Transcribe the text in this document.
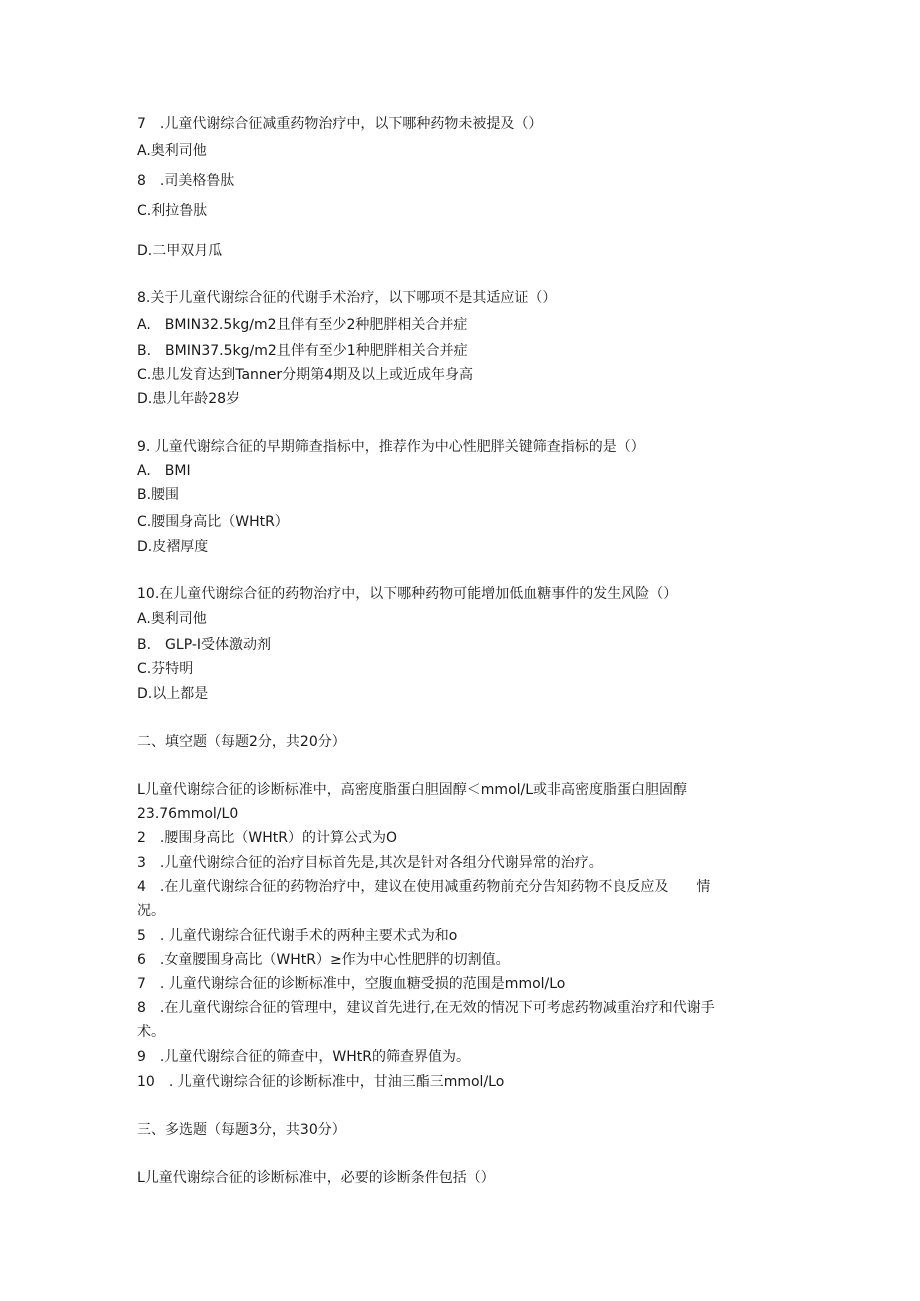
7　.儿童代谢综合征减重药物治疗中，以下哪种药物未被提及（）
A.奥利司他
8　.司美格鲁肽
C.利拉鲁肽
D.二甲双月瓜
8.关于儿童代谢综合征的代谢手术治疗，以下哪项不是其适应证（）
A.　BMIN32.5kg∕m2且伴有至少2种肥胖相关合并症
B.　BMIN37.5kg∕m2且伴有至少1种肥胖相关合并症
C.患儿发育达到Tanner分期第4期及以上或近成年身高
D.患儿年龄28岁
9. 儿童代谢综合征的早期筛查指标中，推荐作为中心性肥胖关键筛查指标的是（）
A.　BMI
B.腰围
C.腰围身高比（WHtR）
D.皮褶厚度
10.在儿童代谢综合征的药物治疗中，以下哪种药物可能增加低血糖事件的发生风险（）
A.奥利司他
B.　GLP-I受体激动剂
C.芬特明
D.以上都是
二、填空题（每题2分，共20分）
L儿童代谢综合征的诊断标准中，高密度脂蛋白胆固醇＜mmol/L或非高密度脂蛋白胆固醇
23.76mmol∕L0
2　.腰围身高比（WHtR）的计算公式为O
3　.儿童代谢综合征的治疗目标首先是,其次是针对各组分代谢异常的治疗。
4　.在儿童代谢综合征的药物治疗中，建议在使用减重药物前充分告知药物不良反应及　　情
况。
5　. 儿童代谢综合征代谢手术的两种主要术式为和o
6　.女童腰围身高比（WHtR）≥作为中心性肥胖的切割值。
7　. 儿童代谢综合征的诊断标准中，空腹血糖受损的范围是mmol/Lo
8　.在儿童代谢综合征的管理中，建议首先进行,在无效的情况下可考虑药物减重治疗和代谢手
术。
9　.儿童代谢综合征的筛查中，WHtR的筛查界值为。
10　. 儿童代谢综合征的诊断标准中，甘油三酯三mmol/Lo
三、多选题（每题3分，共30分）
L儿童代谢综合征的诊断标准中，必要的诊断条件包括（）
